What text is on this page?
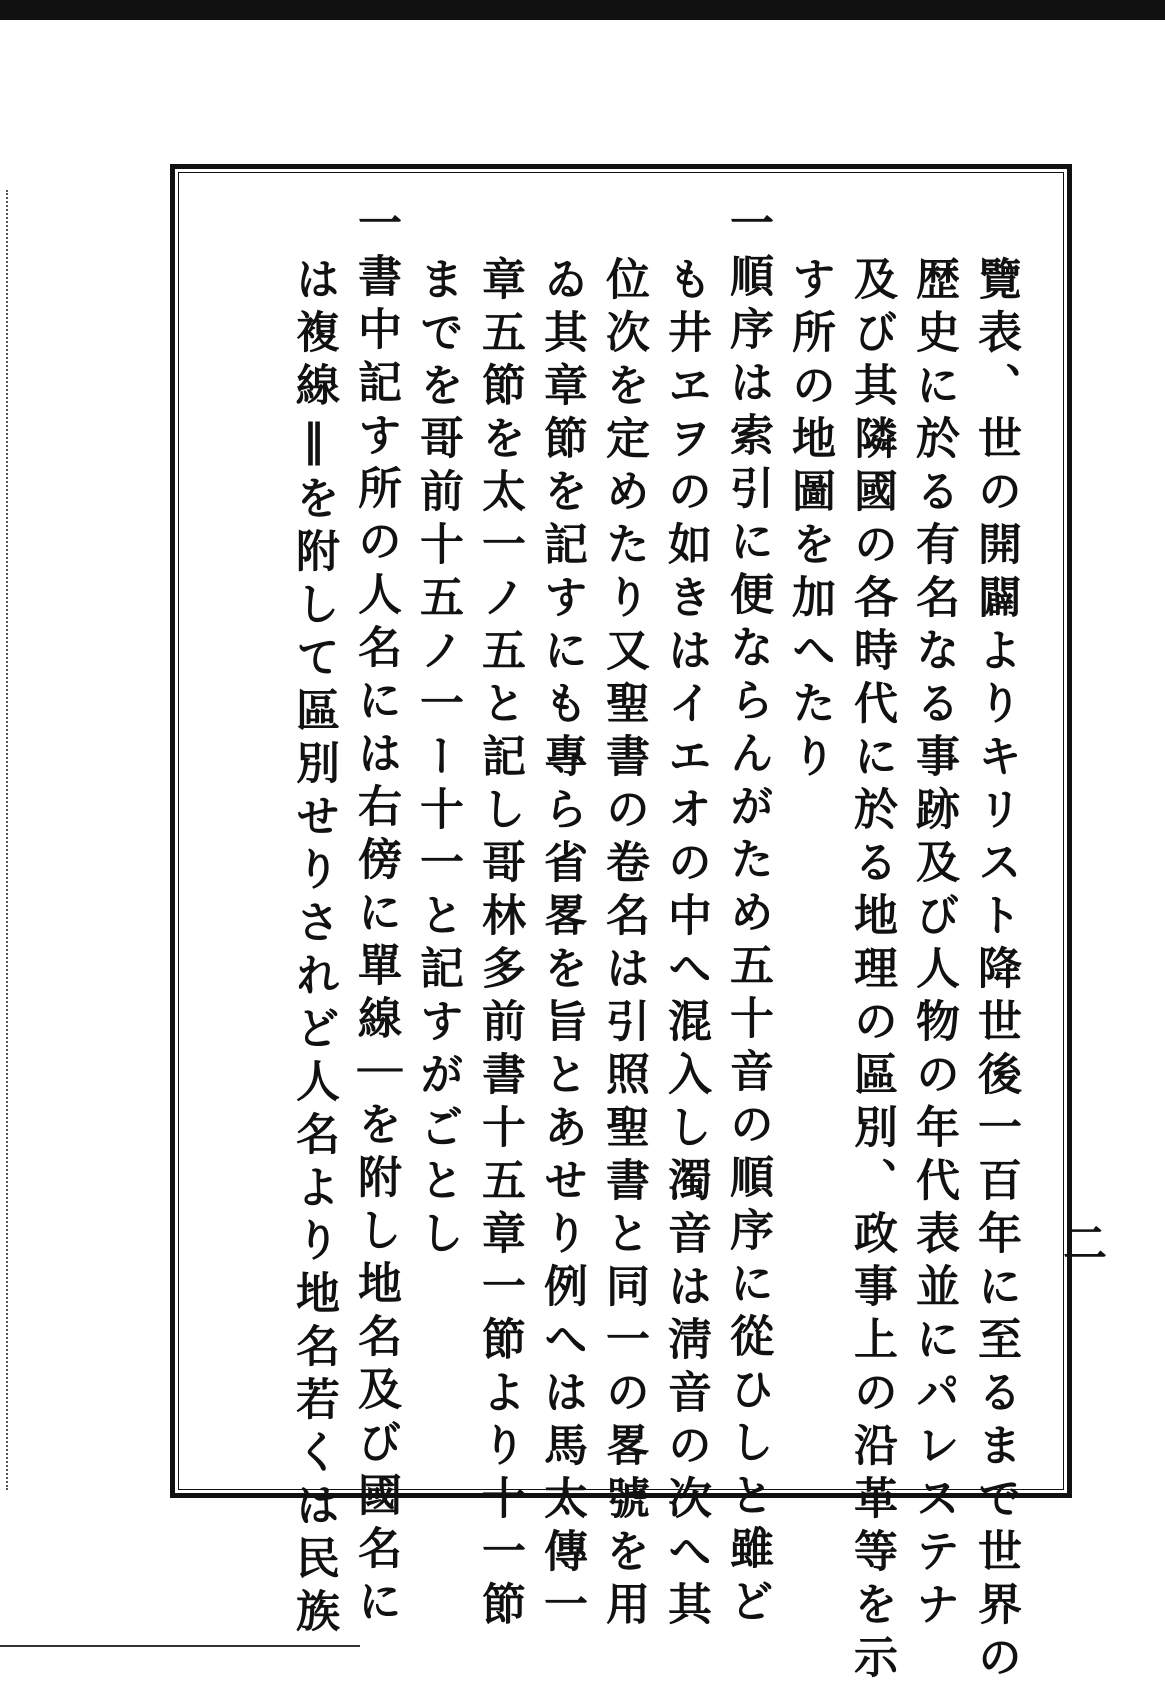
覽表、世の開闢よりキリスト降世後一百年に至るまで世界の
歴史に於る有名なる事跡及び人物の年代表並にパレステナ
及び其隣國の各時代に於る地理の區別、政事上の沿革等を示
す所の地圖を加へたり
一順序は索引に便ならんがため五十音の順序に從ひしと雖ど
も井ヱヲの如きはイエオの中へ混入し濁音は淸音の次へ其
位次を定めたり又聖書の卷名は引照聖書と同一の畧號を用
ゐ其章節を記すにも專ら省畧を旨とあせり例へは馬太傳一
章五節を太一ノ五と記し哥林多前書十五章一節より十一節
までを哥前十五ノ一ー十一と記すがごとし
一書中記す所の人名には右傍に單線｜を附し地名及び國名に
は複線‖を附して區別せりされど人名より地名若くは民族	二
